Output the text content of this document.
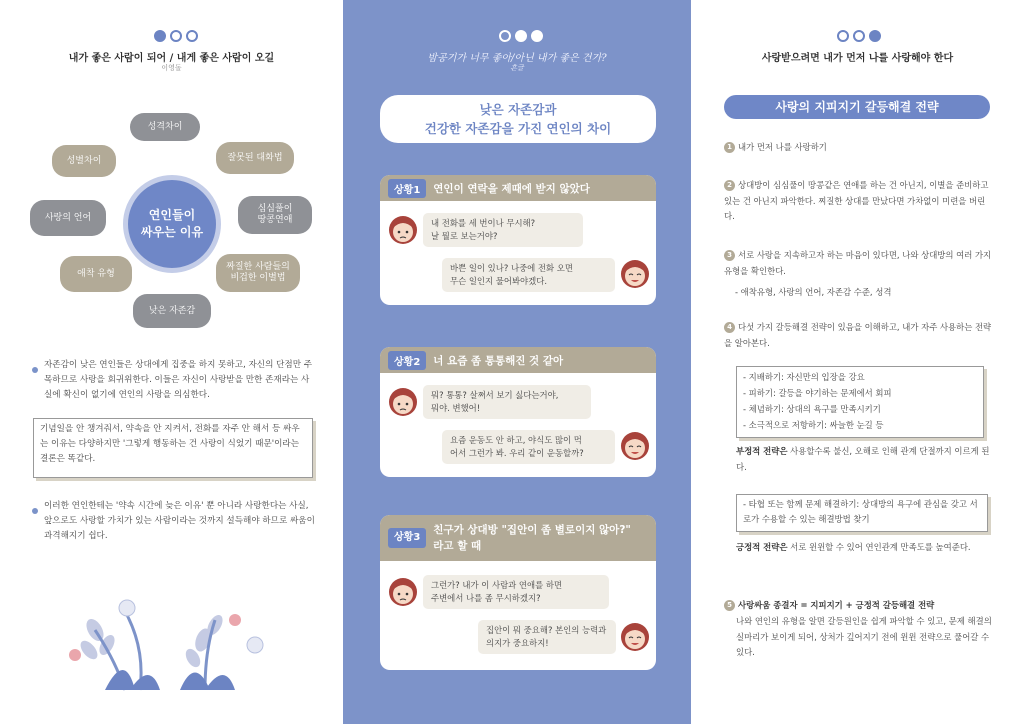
내가 좋은 사람이 되어 / 내게 좋은 사람이 오길
이영돌
연인들이
싸우는 이유
성격차이
잘못된 대화법
성별차이
심심풀이
땅콩연애
사랑의 언어
짜질한 사람들의
비겁한 이별법
애착 유형
낮은 자존감
자존감이 낮은 연인들은 상대에게 집중을 하지 못하고, 자신의 단점만 주목하므로 사랑을 회귀위한다. 이들은 자신이 사랑받을 만한 존재라는 사실에 확신이 없기에 연인의 사랑을 의심한다.
기념일을 안 챙겨줘서, 약속을 안 지켜서, 전화를 자주 안 해서 등 싸우는 이유는 다양하지만 '그렇게 행동하는 건 사랑이 식었기 때문'이라는 결론은 똑같다.
이러한 연인한테는 '약속 시간에 늦은 이유' 뿐 아니라 사랑한다는 사실, 앞으로도 사랑할 가치가 있는 사람이라는 것까지 설득해야 하므로 싸움이 과격해지기 쉽다.
밤공기가 너무 좋아/아닌 내가 좋은 건가?
흔글
낮은 자존감과
건강한 자존감을 가진 연인의 차이
상황1	연인이 연락을 제때에 받지 않았다
내 전화를 세 번이나 무시해?
날 뭘로 보는거야?
바쁜 일이 있나? 나중에 전화 오면
무슨 일인지 물어봐야겠다.
상황2	너 요즘 좀 통통해진 것 같아
뭐? 통통? 살쪄서 보기 싫다는거야,
뭐야. 변했어!
요즘 운동도 안 하고, 야식도 많이 먹
어서 그런가 봐. 우리 같이 운동할까?
상황3
친구가 상대방 "집안이 좀 별로이지 않아?"
라고 할 때
그런가? 내가 이 사람과 연애를 하면
주변에서 나를 좀 무시하겠지?
집안이 뭐 중요해? 본인의 능력과
의지가 중요하지!
사랑받으려면 내가 먼저 나를 사랑해야 한다
사랑의 지피지기 갈등해결 전략
1 내가 먼저 나를 사랑하기
2 상대방이 심심풀이 땅콩같은 연애를 하는 건 아닌지, 이별을 준비하고 있는 건 아닌지 파악한다. 찌질한 상대를 만났다면 가차없이 미련을 버린다.
3 서로 사랑을 지속하고자 하는 마음이 있다면, 나와 상대방의 여러 가지 유형을 확인한다.
- 애착유형, 사랑의 언어, 자존감 수준, 성격
4 다섯 가지 갈등해결 전략이 있음을 이해하고, 내가 자주 사용하는 전략을 알아본다.
- 지배하기: 자신만의 입장을 강요
- 피하기: 갈등을 야기하는 문제에서 회피
- 체념하기: 상대의 욕구를 만족시키기
- 소극적으로 저항하기: 싸늘한 눈길 등
부정적 전략은 사용할수록 불신, 오해로 인해 관계 단절까지 이르게 된다.
- 타협 또는 함께 문제 해결하기: 상대방의 욕구에 관심을 갖고 서로가 수용할 수 있는 해결방법 찾기
긍정적 전략은 서로 윈윈할 수 있어 연인관계 만족도를 높여준다.
5 사랑싸움 종결자 = 지피지기 + 긍정적 갈등해결 전략
나와 연인의 유형을 알면 갈등원인을 쉽게 파악할 수 있고, 문제 해결의 실마리가 보이게 되어, 상처가 깊어지기 전에 윈윈 전략으로 풀어갈 수 있다.
